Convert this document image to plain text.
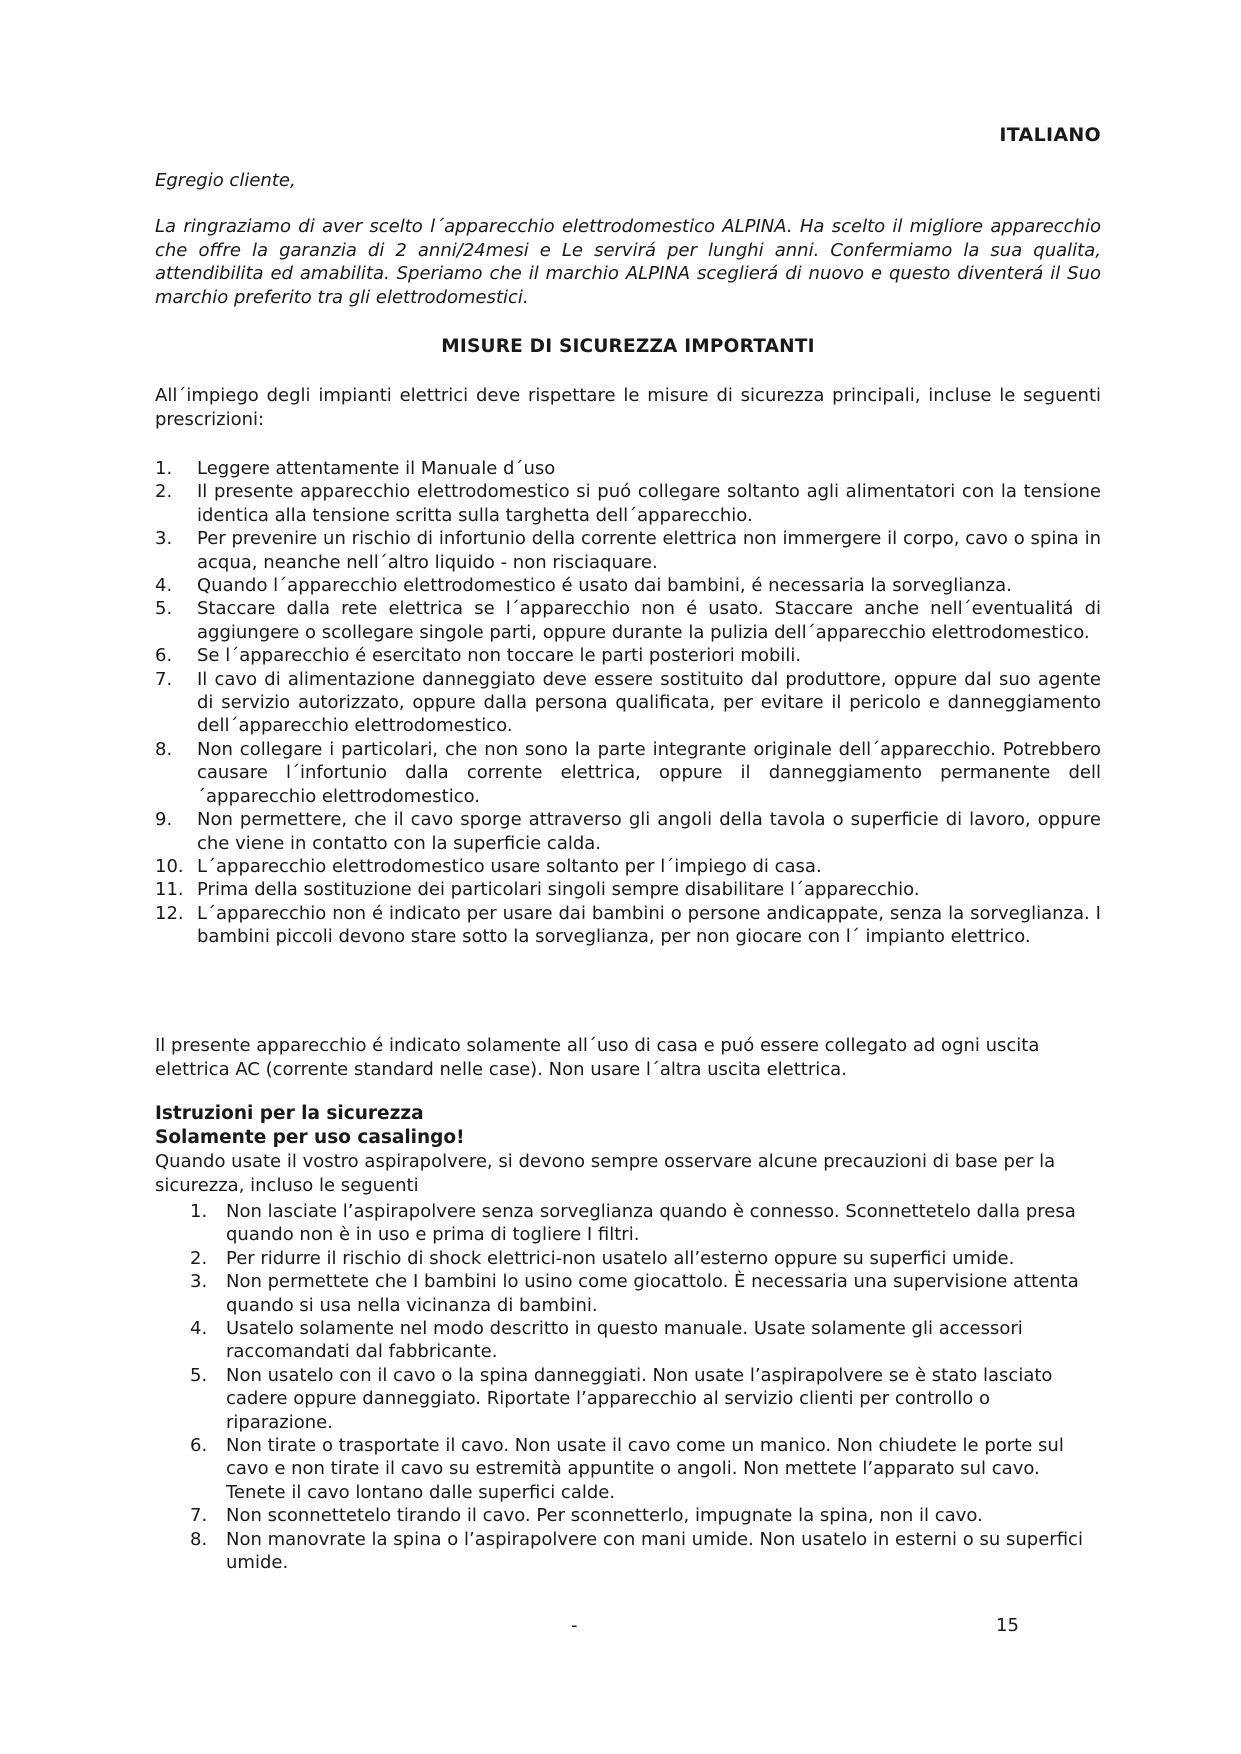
ITALIANO
Egregio cliente,
La ringraziamo di aver scelto l´apparecchio elettrodomestico ALPINA. Ha scelto il migliore apparecchio che offre la garanzia di 2 anni/24mesi e Le servirá per lunghi anni. Confermiamo la sua qualita, attendibilita ed amabilita. Speriamo che il marchio ALPINA sceglierá di nuovo e questo diventerá il Suo marchio preferito tra gli elettrodomestici.
MISURE DI SICUREZZA IMPORTANTI
All´impiego degli impianti elettrici deve rispettare le misure di sicurezza principali, incluse le seguenti prescrizioni:
1. Leggere attentamente il Manuale d´uso
2. Il presente apparecchio elettrodomestico si puó collegare soltanto agli alimentatori con la tensione identica alla tensione scritta sulla targhetta dell´apparecchio.
3. Per prevenire un rischio di infortunio della corrente elettrica non immergere il corpo, cavo o spina in acqua, neanche nell´altro liquido - non risciaquare.
4. Quando l´apparecchio elettrodomestico é usato dai bambini, é necessaria la sorveglianza.
5. Staccare dalla rete elettrica se l´apparecchio non é usato. Staccare anche nell´eventualitá di aggiungere o scollegare singole parti, oppure durante la pulizia dell´apparecchio elettrodomestico.
6. Se l´apparecchio é esercitato non toccare le parti posteriori mobili.
7. Il cavo di alimentazione danneggiato deve essere sostituito dal produttore, oppure dal suo agente di servizio autorizzato, oppure dalla persona qualificata, per evitare il pericolo e danneggiamento dell´apparecchio elettrodomestico.
8. Non collegare i particolari, che non sono la parte integrante originale dell´apparecchio. Potrebbero causare l´infortunio dalla corrente elettrica, oppure il danneggiamento permanente dell´apparecchio elettrodomestico.
9. Non permettere, che il cavo sporge attraverso gli angoli della tavola o superficie di lavoro, oppure che viene in contatto con la superficie calda.
10. L´apparecchio elettrodomestico usare soltanto per l´impiego di casa.
11. Prima della sostituzione dei particolari singoli sempre disabilitare l´apparecchio.
12. L´apparecchio non é indicato per usare dai bambini o persone andicappate, senza la sorveglianza. I bambini piccoli devono stare sotto la sorveglianza, per non giocare con l´ impianto elettrico.
Il presente apparecchio é indicato solamente all´uso di casa e puó essere collegato ad ogni uscita elettrica AC (corrente standard nelle case). Non usare l´altra uscita elettrica.
Istruzioni per la sicurezza
Solamente per uso casalingo!
Quando usate il vostro aspirapolvere, si devono sempre osservare alcune precauzioni di base per la sicurezza, incluso le seguenti
1. Non lasciate l’aspirapolvere senza sorveglianza quando è connesso. Sconnettetelo dalla presa quando non è in uso e prima di togliere I filtri.
2. Per ridurre il rischio di shock elettrici-non usatelo all’esterno oppure su superfici umide.
3. Non permettete che I bambini lo usino come giocattolo. È necessaria una supervisione attenta quando si usa nella vicinanza di bambini.
4. Usatelo solamente nel modo descritto in questo manuale. Usate solamente gli accessori raccomandati dal fabbricante.
5. Non usatelo con il cavo o la spina danneggiati. Non usate l’aspirapolvere se è stato lasciato cadere oppure danneggiato. Riportate l’apparecchio al servizio clienti per controllo o riparazione.
6. Non tirate o trasportate il cavo. Non usate il cavo come un manico. Non chiudete le porte sul cavo e non tirate il cavo su estremità appuntite o angoli. Non mettete l’apparato sul cavo. Tenete il cavo lontano dalle superfici calde.
7. Non sconnettetelo tirando il cavo. Per sconnetterlo, impugnate la spina, non il cavo.
8. Non manovrate la spina o l’aspirapolvere con mani umide. Non usatelo in esterni o su superfici umide.
-	15
